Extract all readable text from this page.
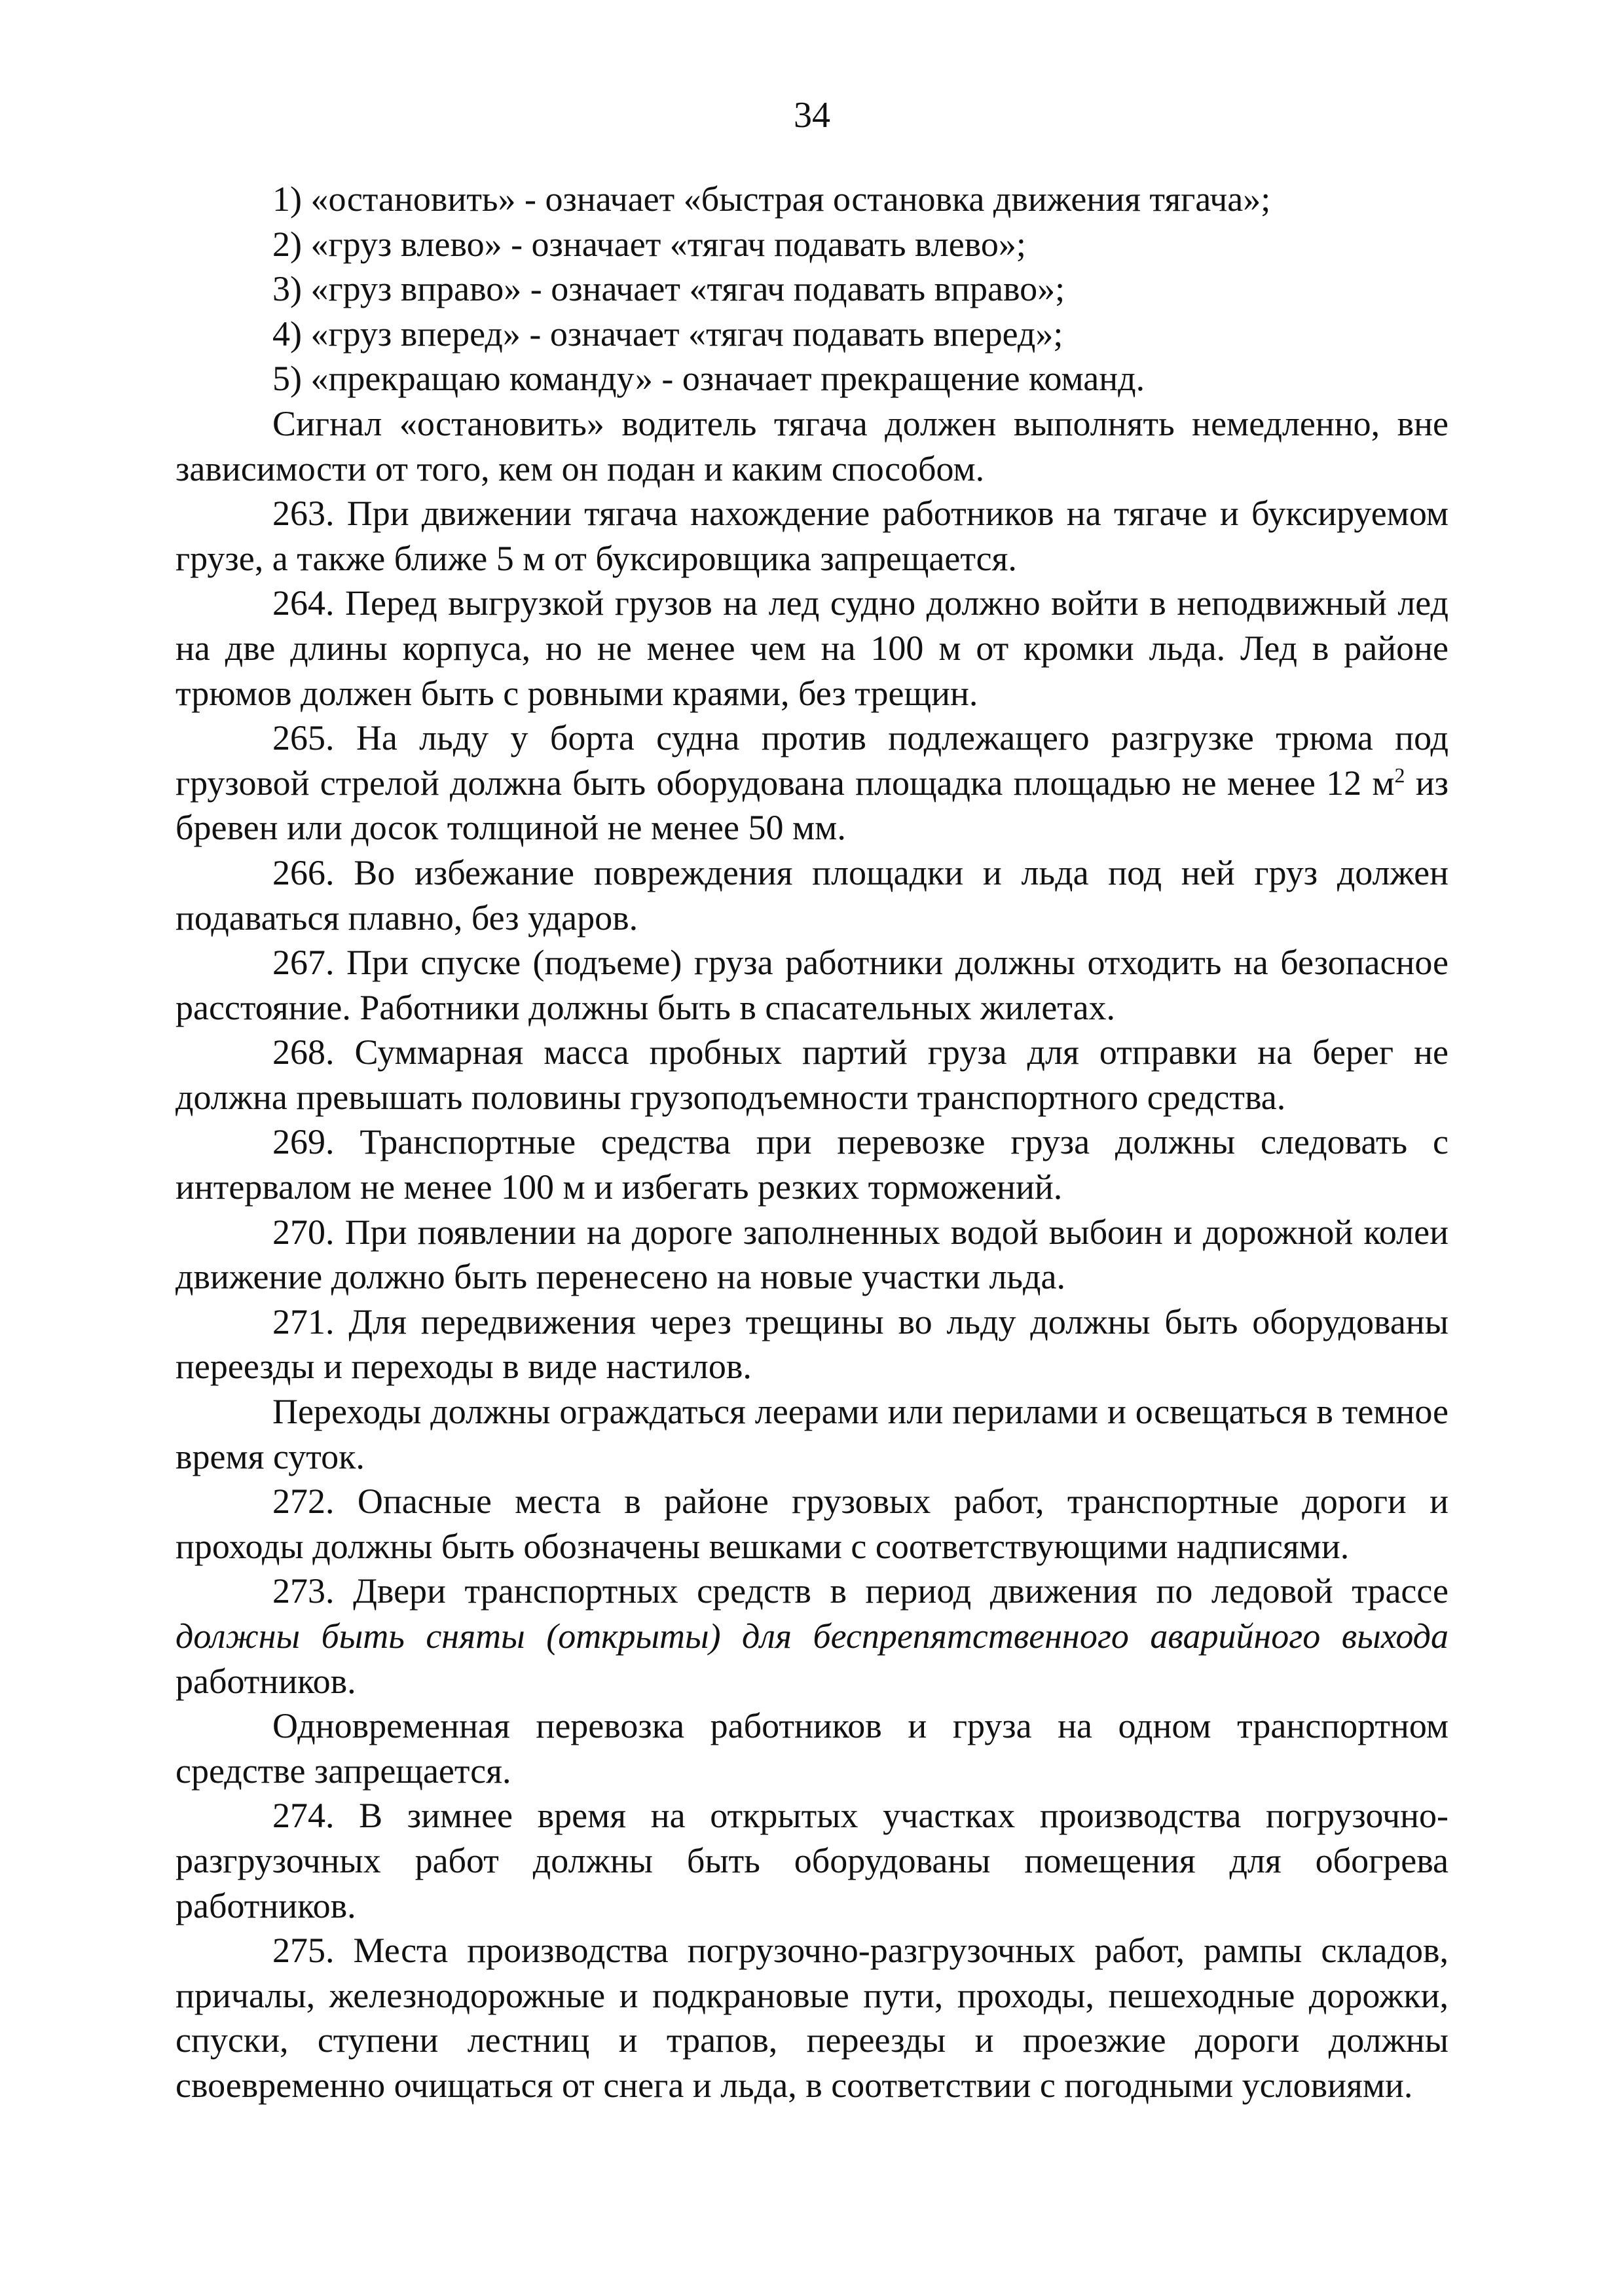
34

1) «остановить» - означает «быстрая остановка движения тягача»;

2) «груз влево» - означает «тягач подавать влево»;

3) «груз вправо» - означает «тягач подавать вправо»;

4) «груз вперед» - означает «тягач подавать вперед»;

5) «прекращаю команду» - означает прекращение команд.

Сигнал «остановить» водитель тягача должен выполнять немедленно, вне зависимости от того, кем он подан и каким способом.

263. При движении тягача нахождение работников на тягаче и буксируемом грузе, а также ближе 5 м от буксировщика запрещается.

264. Перед выгрузкой грузов на лед судно должно войти в неподвижный лед на две длины корпуса, но не менее чем на 100 м от кромки льда. Лед в районе трюмов должен быть с ровными краями, без трещин.

265. На льду у борта судна против подлежащего разгрузке трюма под грузовой стрелой должна быть оборудована площадка площадью не менее 12 $м^2$ из бревен или досок толщиной не менее 50 мм.

266. Во избежание повреждения площадки и льда под ней груз должен подаваться плавно, без ударов.

267. При спуске (подъеме) груза работники должны отходить на безопасное расстояние. Работники должны быть в спасательных жилетах.

268. Суммарная масса пробных партий груза для отправки на берег не должна превышать половины грузоподъемности транспортного средства.

269. Транспортные средства при перевозке груза должны следовать с интервалом не менее 100 м и избегать резких торможений.

270. При появлении на дороге заполненных водой выбоин и дорожной колеи движение должно быть перенесено на новые участки льда.

271. Для передвижения через трещины во льду должны быть оборудованы переезды и переходы в виде настилов.

Переходы должны ограждаться леерами или перилами и освещаться в темное время суток.

272. Опасные места в районе грузовых работ, транспортные дороги и проходы должны быть обозначены вешками с соответствующими надписями.

273. Двери транспортных средств в период движения по ледовой трассе должны быть сняты (открыты) для беспрепятственного аварийного выхода работников.

Одновременная перевозка работников и груза на одном транспортном средстве запрещается.

274. В зимнее время на открытых участках производства погрузочно-разгрузочных работ должны быть оборудованы помещения для обогрева работников.

275. Места производства погрузочно-разгрузочных работ, рампы складов, причалы, железнодорожные и подкрановые пути, проходы, пешеходные дорожки, спуски, ступени лестниц и трапов, переезды и проезжие дороги должны своевременно очищаться от снега и льда, в соответствии с погодными условиями.
